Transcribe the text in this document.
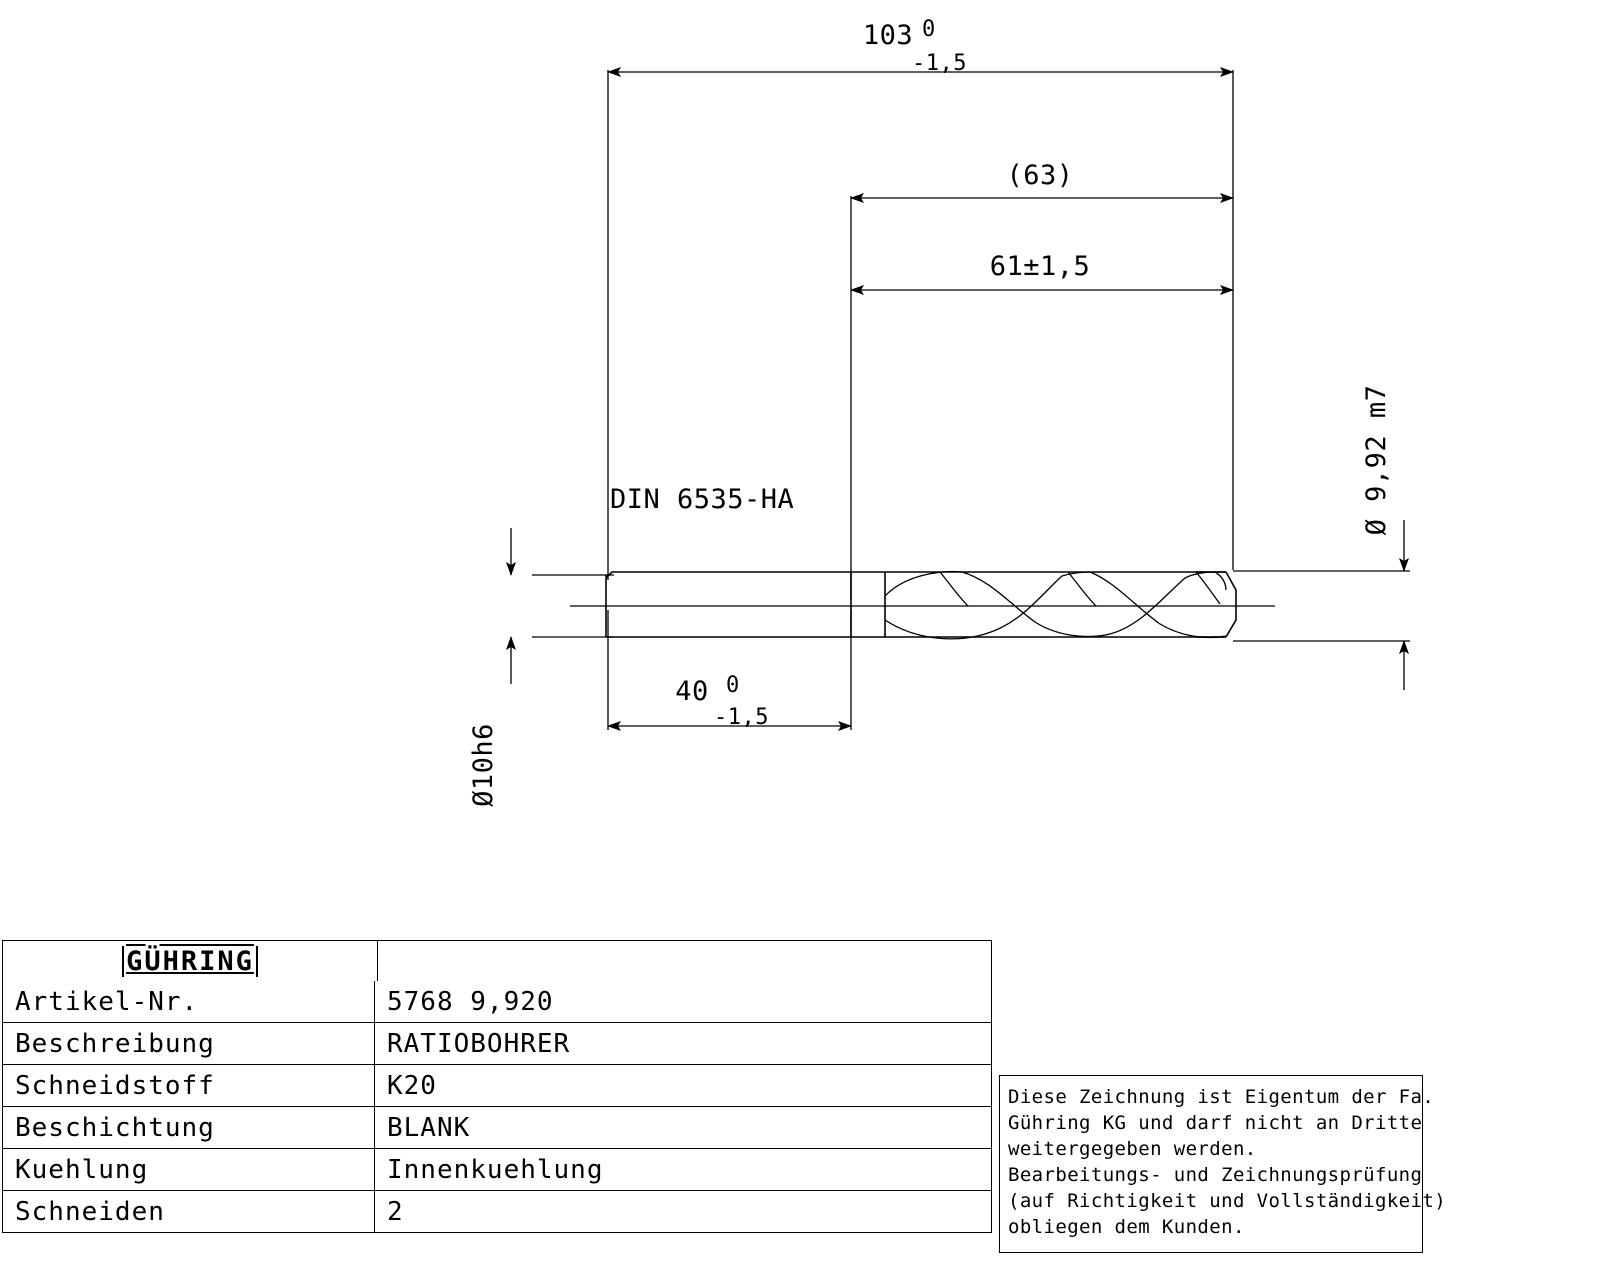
103 0
-1,5
(63)
61±1,5
40 0
-1,5
DIN 6535-HA	Ø 9,92 m7
Ø10h6
GÜHRING
Artikel-Nr.	5768 9,920
Beschreibung	RATIOBOHRER
Schneidstoff	K20
Beschichtung	BLANK
Kuehlung	Innenkuehlung
Schneiden	2
Diese Zeichnung ist Eigentum der Fa.
Gühring KG und darf nicht an Dritte
weitergegeben werden.
Bearbeitungs- und Zeichnungsprüfung
(auf Richtigkeit und Vollständigkeit)
obliegen dem Kunden.
